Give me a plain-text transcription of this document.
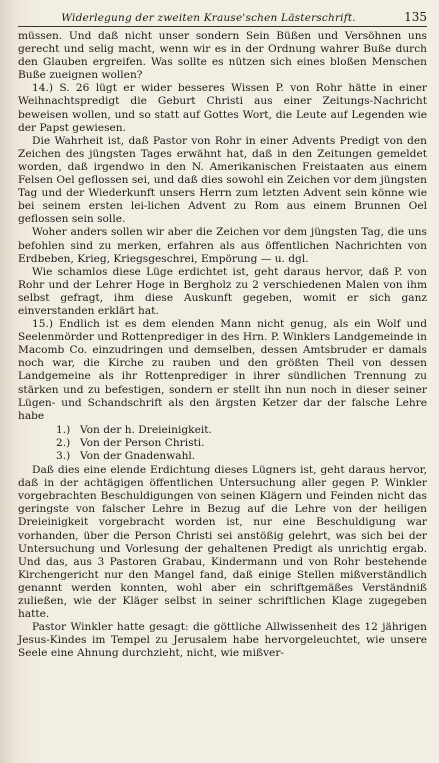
Widerlegung der zweiten Krause'schen Lästerschrift.	135

müssen. Und daß nicht unser sondern Sein Büßen und Versöhnen uns gerecht und selig macht, wenn wir es in der Ordnung wahrer Buße durch den Glauben ergreifen. Was sollte es nützen sich eines bloßen Menschen Buße zueignen wollen?

14.) S. 26 lügt er wider besseres Wissen P. von Rohr hätte in einer Weihnachtspredigt die Geburt Christi aus einer Zeitungs-Nachricht beweisen wollen, und so statt auf Gottes Wort, die Leute auf Legenden wie der Papst gewiesen.

Die Wahrheit ist, daß Pastor von Rohr in einer Advents Predigt von den Zeichen des jüngsten Tages erwähnt hat, daß in den Zeitungen gemeldet worden, daß irgendwo in den N. Amerikanischen Freistaaten aus einem Felsen Oel geflossen sei, und daß dies sowohl ein Zeichen vor dem jüngsten Tag und der Wiederkunft unsers Herrn zum letzten Advent sein könne wie bei seinem ersten lei-lichen Advent zu Rom aus einem Brunnen Oel geflossen sein solle.

Woher anders sollen wir aber die Zeichen vor dem jüngsten Tag, die uns befohlen sind zu merken, erfahren als aus öffentlichen Nachrichten von Erdbeben, Krieg, Kriegsgeschrei, Empörung — u. dgl.

Wie schamlos diese Lüge erdichtet ist, geht daraus hervor, daß P. von Rohr und der Lehrer Hoge in Bergholz zu 2 verschiedenen Malen von ihm selbst gefragt, ihm diese Auskunft gegeben, womit er sich ganz einverstanden erklärt hat.

15.) Endlich ist es dem elenden Mann nicht genug, als ein Wolf und Seelenmörder und Rottenprediger in des Hrn. P. Winklers Landgemeinde in Macomb Co. einzudringen und demselben, dessen Amtsbruder er damals noch war, die Kirche zu rauben und den größten Theil von dessen Landgemeine als ihr Rottenprediger in ihrer sündlichen Trennung zu stärken und zu befestigen, sondern er stellt ihn nun noch in dieser seiner Lügen- und Schandschrift als den ärgsten Ketzer dar der falsche Lehre habe

1.) Von der h. Dreieinigkeit.
2.) Von der Person Christi.
3.) Von der Gnadenwahl.

Daß dies eine elende Erdichtung dieses Lügners ist, geht daraus hervor, daß in der achtägigen öffentlichen Untersuchung aller gegen P. Winkler vorgebrachten Beschuldigungen von seinen Klägern und Feinden nicht das geringste von falscher Lehre in Bezug auf die Lehre von der heiligen Dreieinigkeit vorgebracht worden ist, nur eine Beschuldigung war vorhanden, über die Person Christi sei anstößig gelehrt, was sich bei der Untersuchung und Vorlesung der gehaltenen Predigt als unrichtig ergab. Und das, aus 3 Pastoren Grabau, Kindermann und von Rohr bestehende Kirchengericht nur den Mangel fand, daß einige Stellen mißverständlich genannt werden konnten, wohl aber ein schriftgemäßes Verständniß zuließen, wie der Kläger selbst in seiner schriftlichen Klage zugegeben hatte.

Pastor Winkler hatte gesagt: die göttliche Allwissenheit des 12 jährigen Jesus-Kindes im Tempel zu Jerusalem habe hervorgeleuchtet, wie unsere Seele eine Ahnung durchzieht, nicht, wie mißver-
